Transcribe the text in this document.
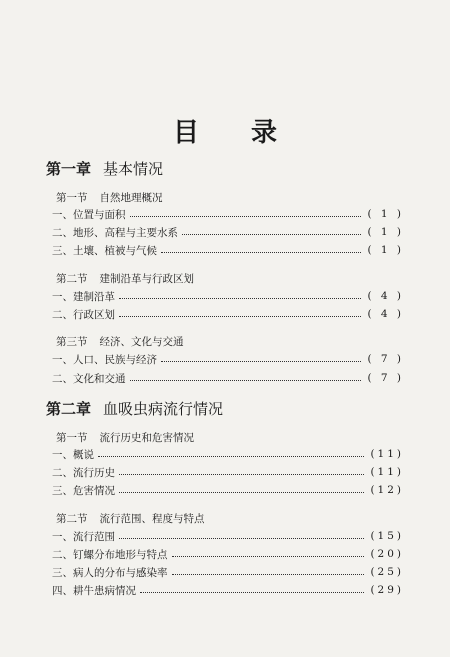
目 录
第一章 基本情况
第一节 自然地理概况
一、位置与面积	( 1 )
二、地形、高程与主要水系	( 1 )
三、土壤、植被与气候	( 1 )
第二节 建制沿革与行政区划
一、建制沿革	( 4 )
二、行政区划	( 4 )
第三节 经济、文化与交通
一、人口、民族与经济	( 7 )
二、文化和交通	( 7 )
第二章 血吸虫病流行情况
第一节 流行历史和危害情况
一、概说	(11)
二、流行历史	(11)
三、危害情况	(12)
第二节 流行范围、程度与特点
一、流行范围	(15)
二、钉螺分布地形与特点	(20)
三、病人的分布与感染率	(25)
四、耕牛患病情况	(29)
